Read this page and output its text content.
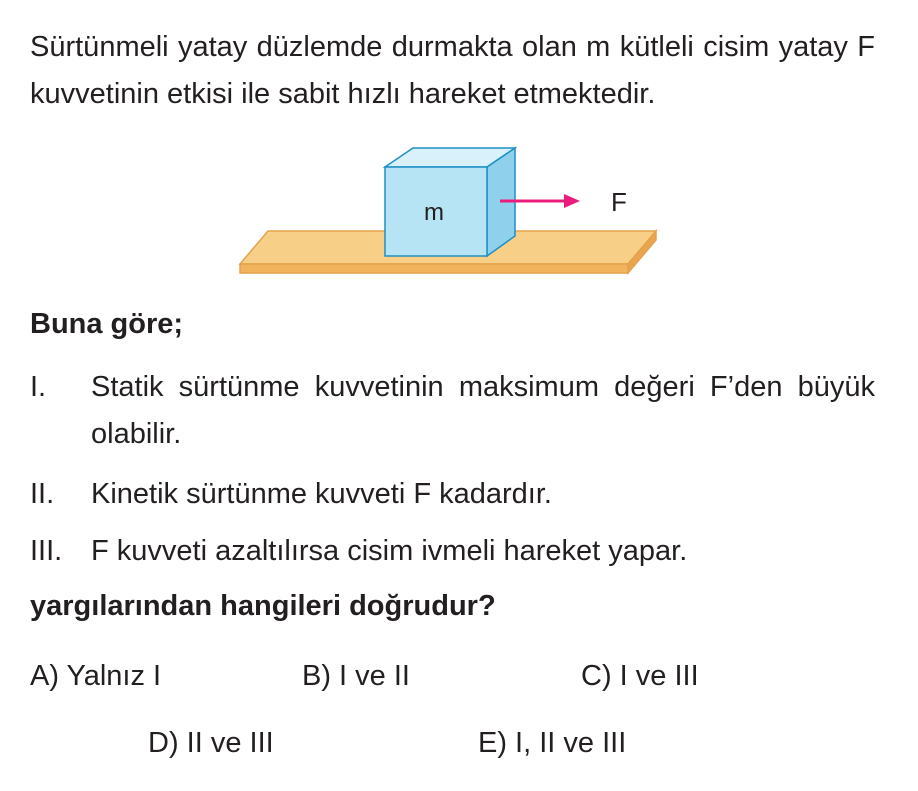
Sürtünmeli yatay düzlemde durmakta olan m kütleli cisim yatay F kuvvetinin etkisi ile sabit hızlı hareket etmektedir.
m	F
Buna göre;
I. Statik sürtünme kuvvetinin maksimum değeri F’den büyük olabilir.
II. Kinetik sürtünme kuvveti F kadardır.
III. F kuvveti azaltılırsa cisim ivmeli hareket yapar.
yargılarından hangileri doğrudur?
A) Yalnız I	B) I ve II	C) I ve III
D) II ve III	E) I, II ve III
